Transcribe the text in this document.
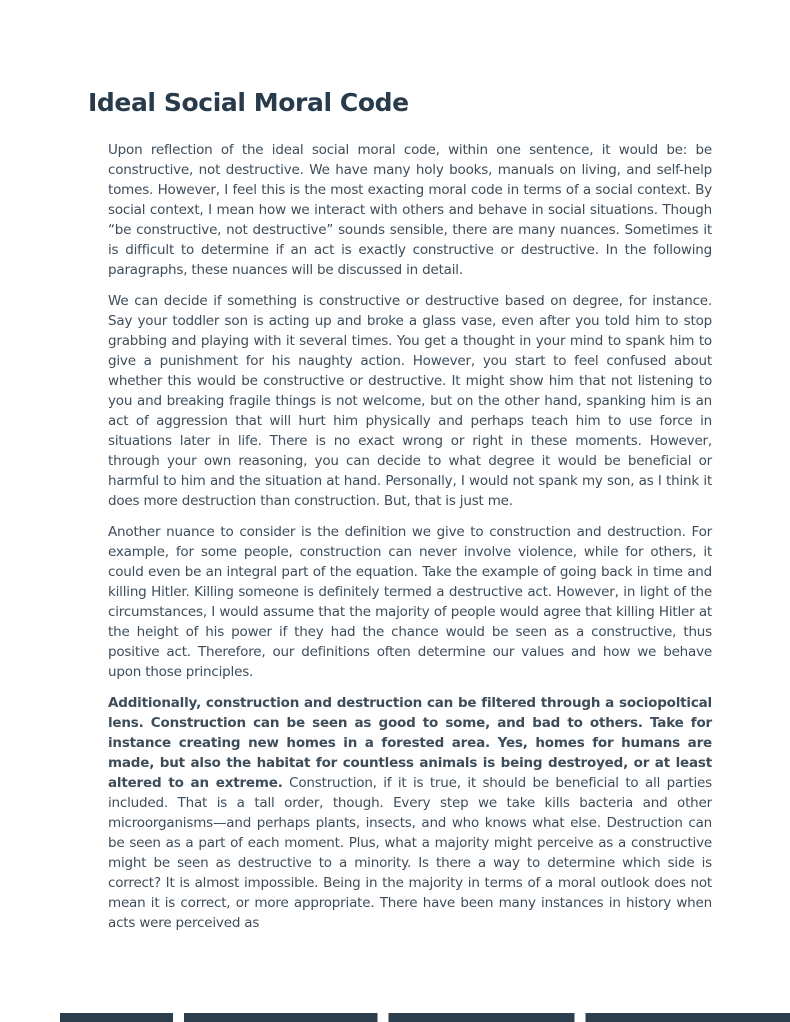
Ideal Social Moral Code

Upon reflection of the ideal social moral code, within one sentence, it would be: be constructive, not destructive. We have many holy books, manuals on living, and self-help tomes. However, I feel this is the most exacting moral code in terms of a social context. By social context, I mean how we interact with others and behave in social situations. Though “be constructive, not destructive” sounds sensible, there are many nuances. Sometimes it is difficult to determine if an act is exactly constructive or destructive. In the following paragraphs, these nuances will be discussed in detail.

We can decide if something is constructive or destructive based on degree, for instance. Say your toddler son is acting up and broke a glass vase, even after you told him to stop grabbing and playing with it several times. You get a thought in your mind to spank him to give a punishment for his naughty action. However, you start to feel confused about whether this would be constructive or destructive. It might show him that not listening to you and breaking fragile things is not welcome, but on the other hand, spanking him is an act of aggression that will hurt him physically and perhaps teach him to use force in situations later in life. There is no exact wrong or right in these moments. However, through your own reasoning, you can decide to what degree it would be beneficial or harmful to him and the situation at hand. Personally, I would not spank my son, as I think it does more destruction than construction. But, that is just me.

Another nuance to consider is the definition we give to construction and destruction. For example, for some people, construction can never involve violence, while for others, it could even be an integral part of the equation. Take the example of going back in time and killing Hitler. Killing someone is definitely termed a destructive act. However, in light of the circumstances, I would assume that the majority of people would agree that killing Hitler at the height of his power if they had the chance would be seen as a constructive, thus positive act. Therefore, our definitions often determine our values and how we behave upon those principles.

Additionally, construction and destruction can be filtered through a sociopoltical lens. Construction can be seen as good to some, and bad to others. Take for instance creating new homes in a forested area. Yes, homes for humans are made, but also the habitat for countless animals is being destroyed, or at least altered to an extreme. Construction, if it is true, it should be beneficial to all parties included. That is a tall order, though. Every step we take kills bacteria and other microorganisms—and perhaps plants, insects, and who knows what else. Destruction can be seen as a part of each moment. Plus, what a majority might perceive as a constructive might be seen as destructive to a minority. Is there a way to determine which side is correct? It is almost impossible. Being in the majority in terms of a moral outlook does not mean it is correct, or more appropriate. There have been many instances in history when acts were perceived as
